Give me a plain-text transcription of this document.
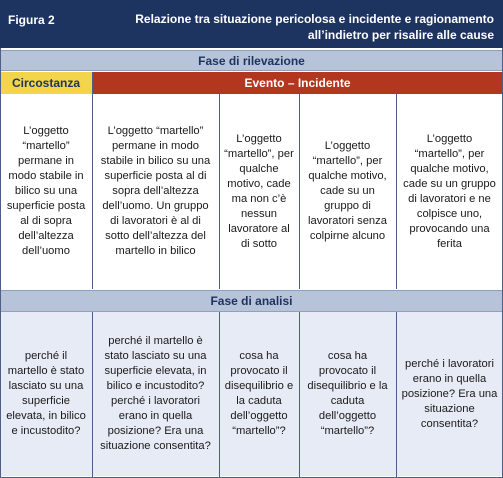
Figura 2	Relazione tra situazione pericolosa e incidente e ragionamento all’indietro per risalire alle cause
Fase di rilevazione
Circostanza	Evento – Incidente
L’oggetto “martello” permane in modo stabile in bilico su una superficie posta al di sopra dell’altezza dell’uomo
L’oggetto “martello” permane in modo stabile in bilico su una superficie posta al di sopra dell’altezza dell’uomo. Un gruppo di lavoratori è al di sotto dell’altezza del martello in bilico
L’oggetto “martello”, per qualche motivo, cade ma non c’è nessun lavoratore al di sotto
L’oggetto “martello”, per qualche motivo, cade su un gruppo di lavoratori senza colpirne alcuno
L’oggetto “martello”, per qualche motivo, cade su un gruppo di lavoratori e ne colpisce uno, provocando una ferita
Fase di analisi
perché il martello è stato lasciato su una superficie elevata, in bilico e incustodito?
perché il martello è stato lasciato su una superficie elevata, in bilico e incustodito? perché i lavoratori erano in quella posizione? Era una situazione consentita?
cosa ha provocato il disequilibrio e la caduta dell’oggetto “martello”?
cosa ha provocato il disequilibrio e la caduta dell’oggetto “martello”?
perché i lavoratori erano in quella posizione? Era una situazione consentita?
